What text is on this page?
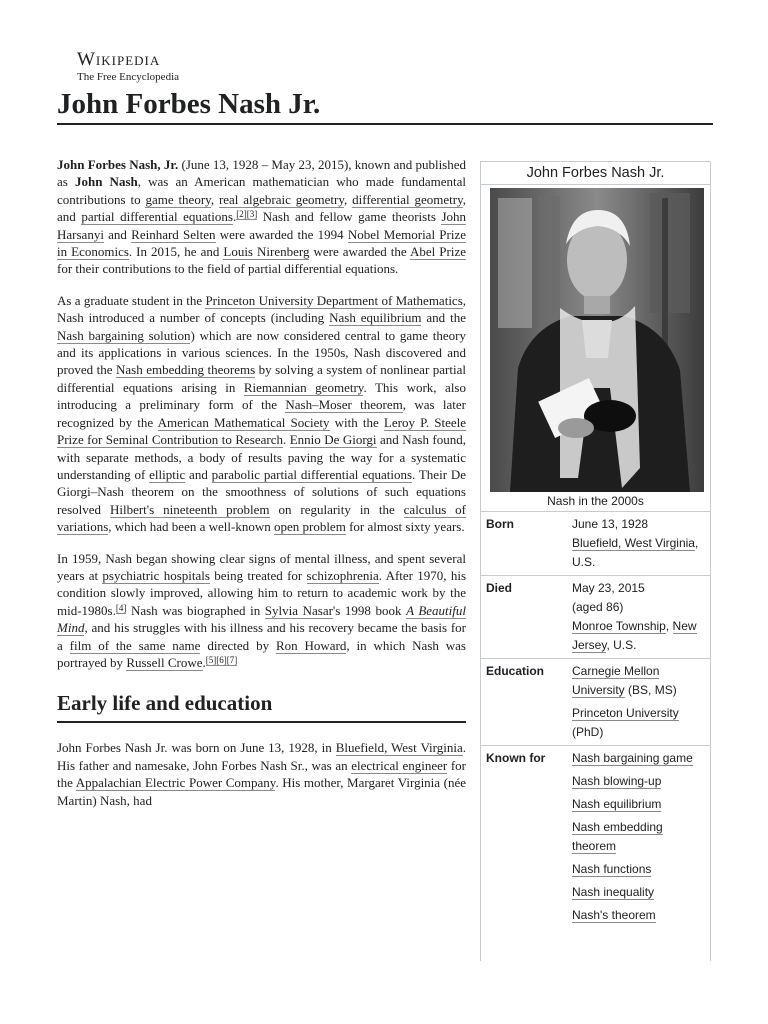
Wikipedia
The Free Encyclopedia
John Forbes Nash Jr.

John Forbes Nash, Jr. (June 13, 1928 – May 23, 2015), known and published as John Nash, was an American mathematician who made fundamental contributions to game theory, real algebraic geometry, differential geometry, and partial differential equations.[2][3] Nash and fellow game theorists John Harsanyi and Reinhard Selten were awarded the 1994 Nobel Memorial Prize in Economics. In 2015, he and Louis Nirenberg were awarded the Abel Prize for their contributions to the field of partial differential equations.

As a graduate student in the Princeton University Department of Mathematics, Nash introduced a number of concepts (including Nash equilibrium and the Nash bargaining solution) which are now considered central to game theory and its applications in various sciences. In the 1950s, Nash discovered and proved the Nash embedding theorems by solving a system of nonlinear partial differential equations arising in Riemannian geometry. This work, also introducing a preliminary form of the Nash–Moser theorem, was later recognized by the American Mathematical Society with the Leroy P. Steele Prize for Seminal Contribution to Research. Ennio De Giorgi and Nash found, with separate methods, a body of results paving the way for a systematic understanding of elliptic and parabolic partial differential equations. Their De Giorgi–Nash theorem on the smoothness of solutions of such equations resolved Hilbert's nineteenth problem on regularity in the calculus of variations, which had been a well-known open problem for almost sixty years.

In 1959, Nash began showing clear signs of mental illness, and spent several years at psychiatric hospitals being treated for schizophrenia. After 1970, his condition slowly improved, allowing him to return to academic work by the mid-1980s.[4] Nash was biographed in Sylvia Nasar's 1998 book A Beautiful Mind, and his struggles with his illness and his recovery became the basis for a film of the same name directed by Ron Howard, in which Nash was portrayed by Russell Crowe.[5][6][7]

Early life and education

John Forbes Nash Jr. was born on June 13, 1928, in Bluefield, West Virginia. His father and namesake, John Forbes Nash Sr., was an electrical engineer for the Appalachian Electric Power Company. His mother, Margaret Virginia (née Martin) Nash, had

John Forbes Nash Jr.
Nash in the 2000s
Born	June 13, 1928
Bluefield, West Virginia, U.S.
Died	May 23, 2015
(aged 86)
Monroe Township, New Jersey, U.S.
Education	Carnegie Mellon University (BS, MS)
Princeton University (PhD)
Known for	Nash bargaining game
Nash blowing-up
Nash equilibrium
Nash embedding theorem
Nash functions
Nash inequality
Nash's theorem
